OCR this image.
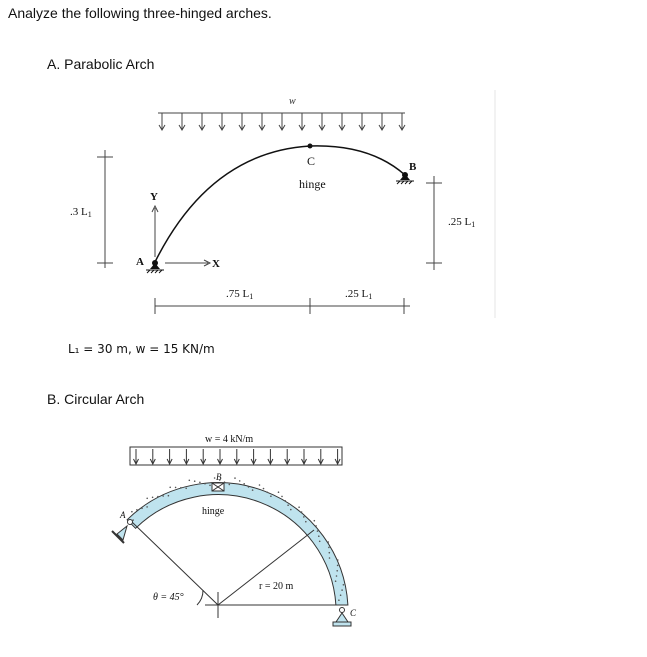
Analyze the following three-hinged arches.
A. Parabolic Arch
L₁ = 30 m, w = 15 KN/m
B. Circular Arch
w
C
hinge
B
A
Y
X
.3 L1
.25 L1
.75 L1	.25 L1
w = 4 kN/m
θ = 45°
r = 20 m
B
hinge
A
C
